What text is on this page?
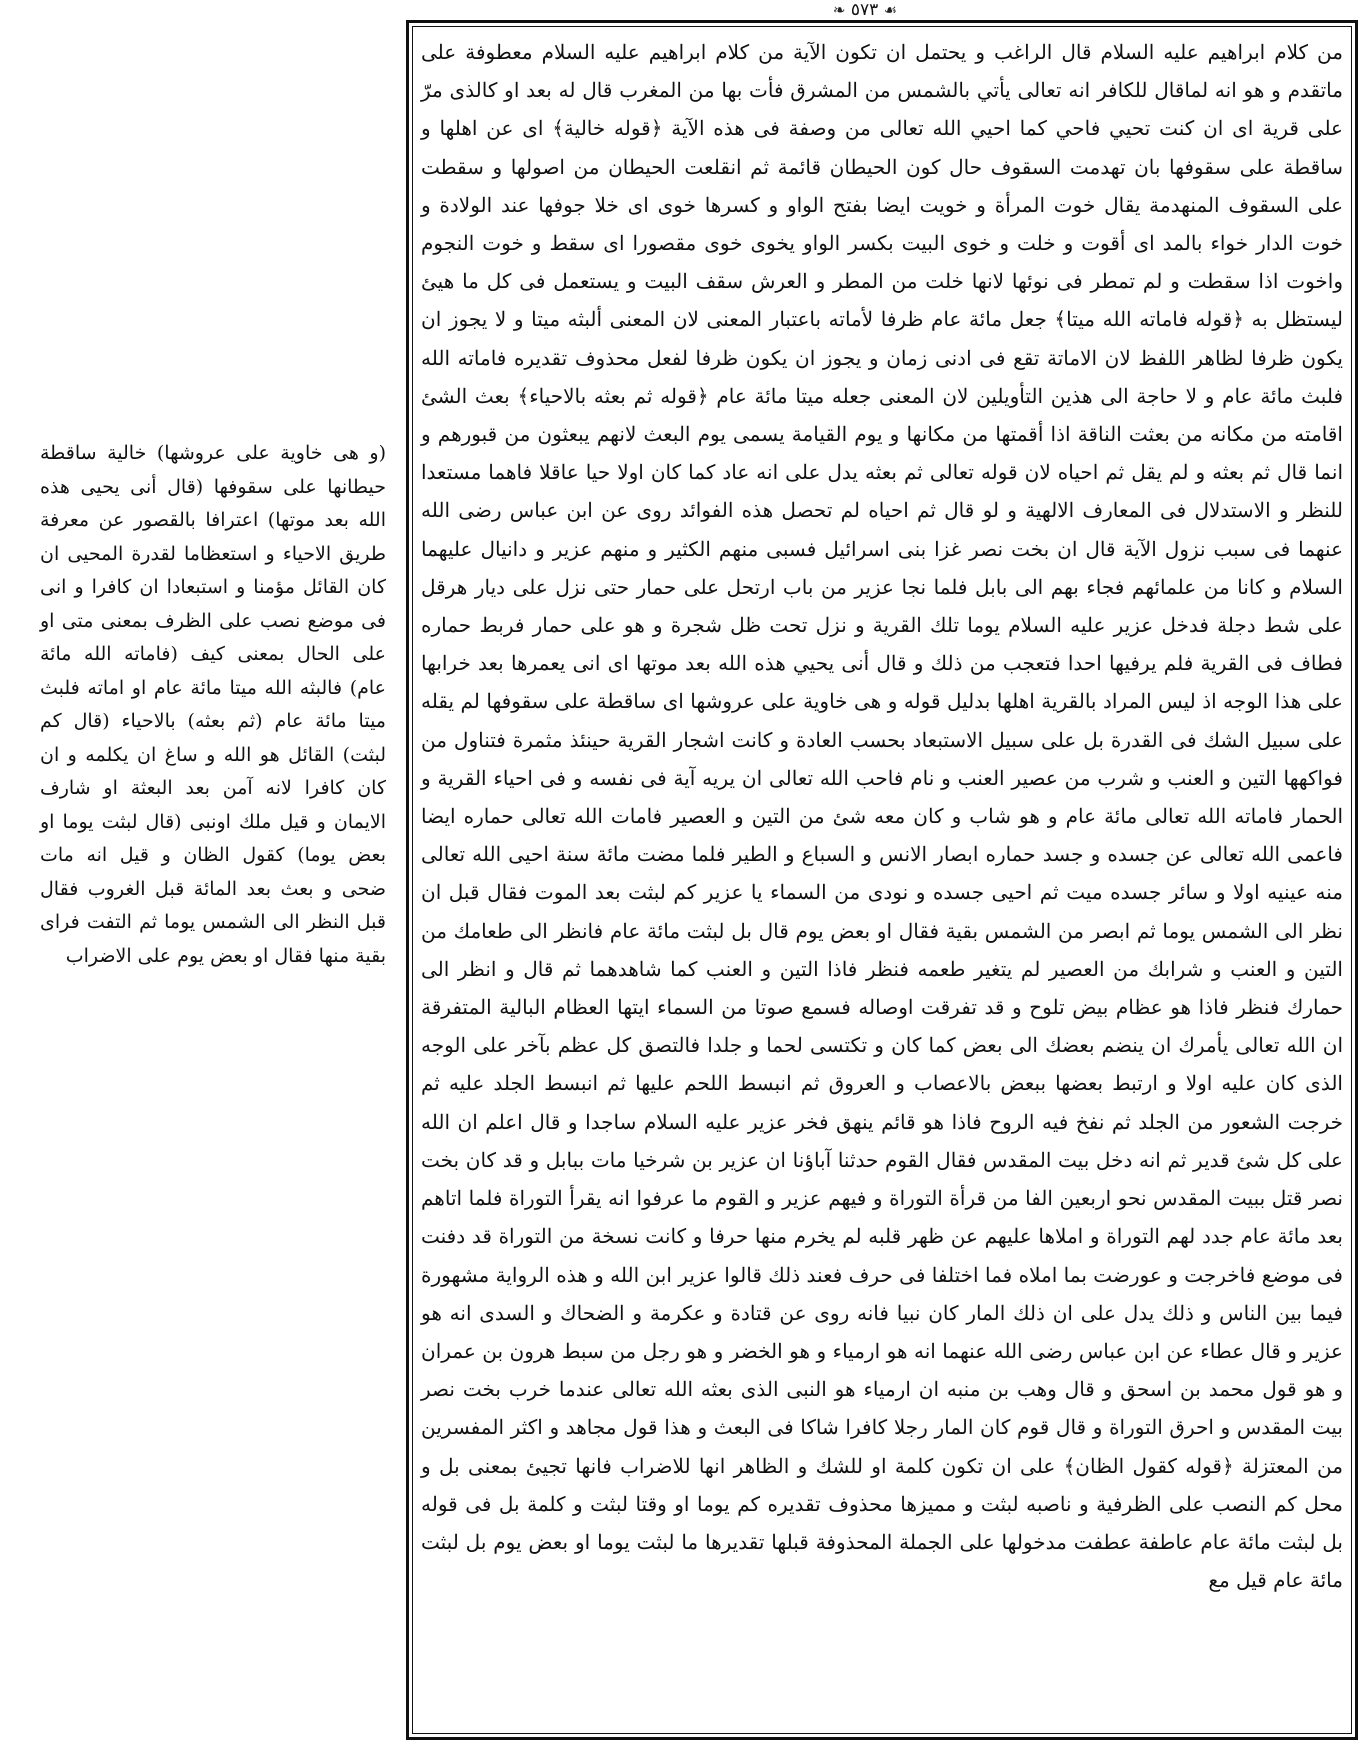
❧ ٥٧٣ ☙

من كلام ابراهيم عليه السلام قال الراغب و يحتمل ان تكون الآية من كلام ابراهيم عليه السلام معطوفة على ماتقدم و هو انه لماقال للكافر انه تعالى يأتي بالشمس من المشرق فأت بها من المغرب قال له بعد او كالذى مرّ على قرية اى ان كنت تحيي فاحي كما احيي الله تعالى من وصفة فى هذه الآية ﴿قوله خالية﴾ اى عن اهلها و ساقطة على سقوفها بان تهدمت السقوف حال كون الحيطان قائمة ثم انقلعت الحيطان من اصولها و سقطت على السقوف المنهدمة يقال خوت المرأة و خويت ايضا بفتح الواو و كسرها خوى اى خلا جوفها عند الولادة و خوت الدار خواء بالمد اى أقوت و خلت و خوى البيت بكسر الواو يخوى خوى مقصورا اى سقط و خوت النجوم واخوت اذا سقطت و لم تمطر فى نوئها لانها خلت من المطر و العرش سقف البيت و يستعمل فى كل ما هيئ ليستظل به ﴿قوله فاماته الله ميتا﴾ جعل مائة عام ظرفا لأماته باعتبار المعنى لان المعنى ألبثه ميتا و لا يجوز ان يكون ظرفا لظاهر اللفظ لان الاماتة تقع فى ادنى زمان و يجوز ان يكون ظرفا لفعل محذوف تقديره فاماته الله فلبث مائة عام و لا حاجة الى هذين التأويلين لان المعنى جعله ميتا مائة عام ﴿قوله ثم بعثه بالاحياء﴾ بعث الشئ اقامته من مكانه من بعثت الناقة اذا أقمتها من مكانها و يوم القيامة يسمى يوم البعث لانهم يبعثون من قبورهم و انما قال ثم بعثه و لم يقل ثم احياه لان قوله تعالى ثم بعثه يدل على انه عاد كما كان اولا حيا عاقلا فاهما مستعدا للنظر و الاستدلال فى المعارف الالهية و لو قال ثم احياه لم تحصل هذه الفوائد روى عن ابن عباس رضى الله عنهما فى سبب نزول الآية قال ان بخت نصر غزا بنى اسرائيل فسبى منهم الكثير و منهم عزير و دانيال عليهما السلام و كانا من علمائهم فجاء بهم الى بابل فلما نجا عزير من باب ارتحل على حمار حتى نزل على ديار هرقل على شط دجلة فدخل عزير عليه السلام يوما تلك القرية و نزل تحت ظل شجرة و هو على حمار فربط حماره فطاف فى القرية فلم يرفيها احدا فتعجب من ذلك و قال أنى يحيي هذه الله بعد موتها اى انى يعمرها بعد خرابها على هذا الوجه اذ ليس المراد بالقرية اهلها بدليل قوله و هى خاوية على عروشها اى ساقطة على سقوفها لم يقله على سبيل الشك فى القدرة بل على سبيل الاستبعاد بحسب العادة و كانت اشجار القرية حينئذ مثمرة فتناول من فواكهها التين و العنب و شرب من عصير العنب و نام فاحب الله تعالى ان يريه آية فى نفسه و فى احياء القرية و الحمار فاماته الله تعالى مائة عام و هو شاب و كان معه شئ من التين و العصير فامات الله تعالى حماره ايضا فاعمى الله تعالى عن جسده و جسد حماره ابصار الانس و السباع و الطير فلما مضت مائة سنة احيى الله تعالى منه عينيه اولا و سائر جسده ميت ثم احيى جسده و نودى من السماء يا عزير كم لبثت بعد الموت فقال قبل ان نظر الى الشمس يوما ثم ابصر من الشمس بقية فقال او بعض يوم قال بل لبثت مائة عام فانظر الى طعامك من التين و العنب و شرابك من العصير لم يتغير طعمه فنظر فاذا التين و العنب كما شاهدهما ثم قال و انظر الى حمارك فنظر فاذا هو عظام بيض تلوح و قد تفرقت اوصاله فسمع صوتا من السماء ايتها العظام البالية المتفرقة ان الله تعالى يأمرك ان ينضم بعضك الى بعض كما كان و تكتسى لحما و جلدا فالتصق كل عظم بآخر على الوجه الذى كان عليه اولا و ارتبط بعضها ببعض بالاعصاب و العروق ثم انبسط اللحم عليها ثم انبسط الجلد عليه ثم خرجت الشعور من الجلد ثم نفخ فيه الروح فاذا هو قائم ينهق فخر عزير عليه السلام ساجدا و قال اعلم ان الله على كل شئ قدير ثم انه دخل بيت المقدس فقال القوم حدثنا آباؤنا ان عزير بن شرخيا مات ببابل و قد كان بخت نصر قتل ببيت المقدس نحو اربعين الفا من قرأة التوراة و فيهم عزير و القوم ما عرفوا انه يقرأ التوراة فلما اتاهم بعد مائة عام جدد لهم التوراة و املاها عليهم عن ظهر قلبه لم يخرم منها حرفا و كانت نسخة من التوراة قد دفنت فى موضع فاخرجت و عورضت بما املاه فما اختلفا فى حرف فعند ذلك قالوا عزير ابن الله و هذه الرواية مشهورة فيما بين الناس و ذلك يدل على ان ذلك المار كان نبيا فانه روى عن قتادة و عكرمة و الضحاك و السدى انه هو عزير و قال عطاء عن ابن عباس رضى الله عنهما انه هو ارمياء و هو الخضر و هو رجل من سبط هرون بن عمران و هو قول محمد بن اسحق و قال وهب بن منبه ان ارمياء هو النبى الذى بعثه الله تعالى عندما خرب بخت نصر بيت المقدس و احرق التوراة و قال قوم كان المار رجلا كافرا شاكا فى البعث و هذا قول مجاهد و اكثر المفسرين من المعتزلة ﴿قوله كقول الظان﴾ على ان تكون كلمة او للشك و الظاهر انها للاضراب فانها تجيئ بمعنى بل و محل كم النصب على الظرفية و ناصبه لبثت و مميزها محذوف تقديره كم يوما او وقتا لبثت و كلمة بل فى قوله بل لبثت مائة عام عاطفة عطفت مدخولها على الجملة المحذوفة قبلها تقديرها ما لبثت يوما او بعض يوم بل لبثت مائة عام قيل مع

(و هى خاوية على عروشها) خالية ساقطة حيطانها على سقوفها (قال أنى يحيى هذه الله بعد موتها) اعترافا بالقصور عن معرفة طريق الاحياء و استعظاما لقدرة المحيى ان كان القائل مؤمنا و استبعادا ان كافرا و انى فى موضع نصب على الظرف بمعنى متى او على الحال بمعنى كيف (فاماته الله مائة عام) فالبثه الله ميتا مائة عام او اماته فلبث ميتا مائة عام (ثم بعثه) بالاحياء (قال كم لبثت) القائل هو الله و ساغ ان يكلمه و ان كان كافرا لانه آمن بعد البعثة او شارف الايمان و قيل ملك اونبى (قال لبثت يوما او بعض يوما) كقول الظان و قيل انه مات ضحى و بعث بعد المائة قبل الغروب فقال قبل النظر الى الشمس يوما ثم التفت فراى بقية منها فقال او بعض يوم على الاضراب
